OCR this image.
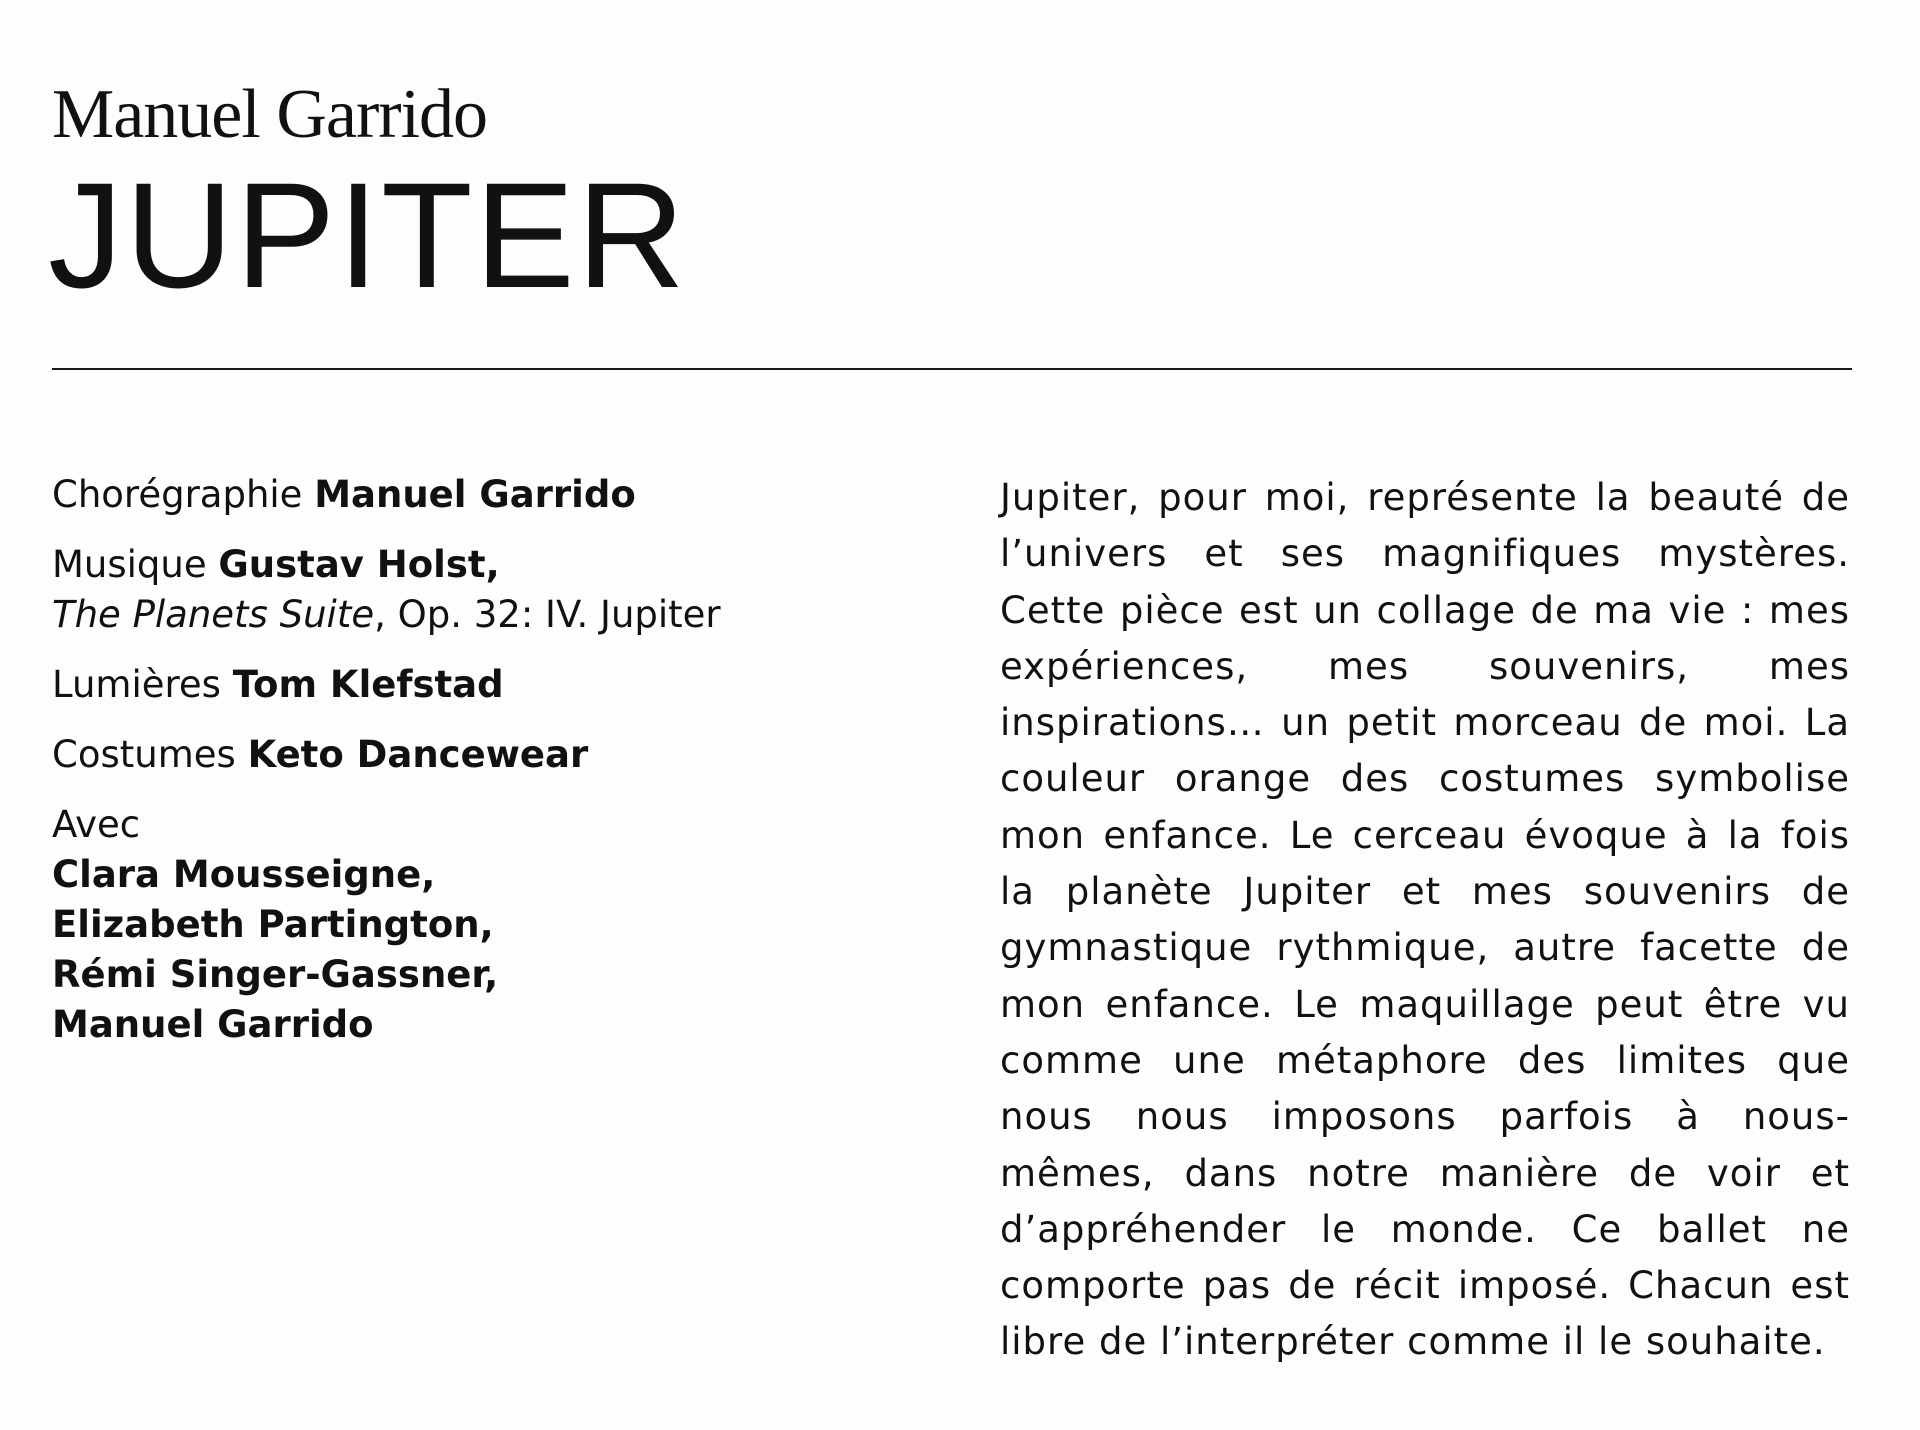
Manuel Garrido
JUPITER

Chorégraphie Manuel Garrido

Musique Gustav Holst,
The Planets Suite, Op. 32: IV. Jupiter

Lumières Tom Klefstad

Costumes Keto Dancewear

Avec
Clara Mousseigne,
Elizabeth Partington,
Rémi Singer-Gassner,
Manuel Garrido

Jupiter, pour moi, représente la beauté de l’univers et ses magnifiques mystères. Cette pièce est un collage de ma vie : mes expériences, mes souvenirs, mes inspirations… un petit morceau de moi. La couleur orange des costumes symbolise mon enfance. Le cerceau évoque à la fois la planète Jupiter et mes souvenirs de gymnastique rythmique, autre facette de mon enfance. Le maquillage peut être vu comme une métaphore des limites que nous nous imposons parfois à nous-mêmes, dans notre manière de voir et d’appréhender le monde. Ce ballet ne comporte pas de récit imposé. Chacun est libre de l’interpréter comme il le souhaite.
